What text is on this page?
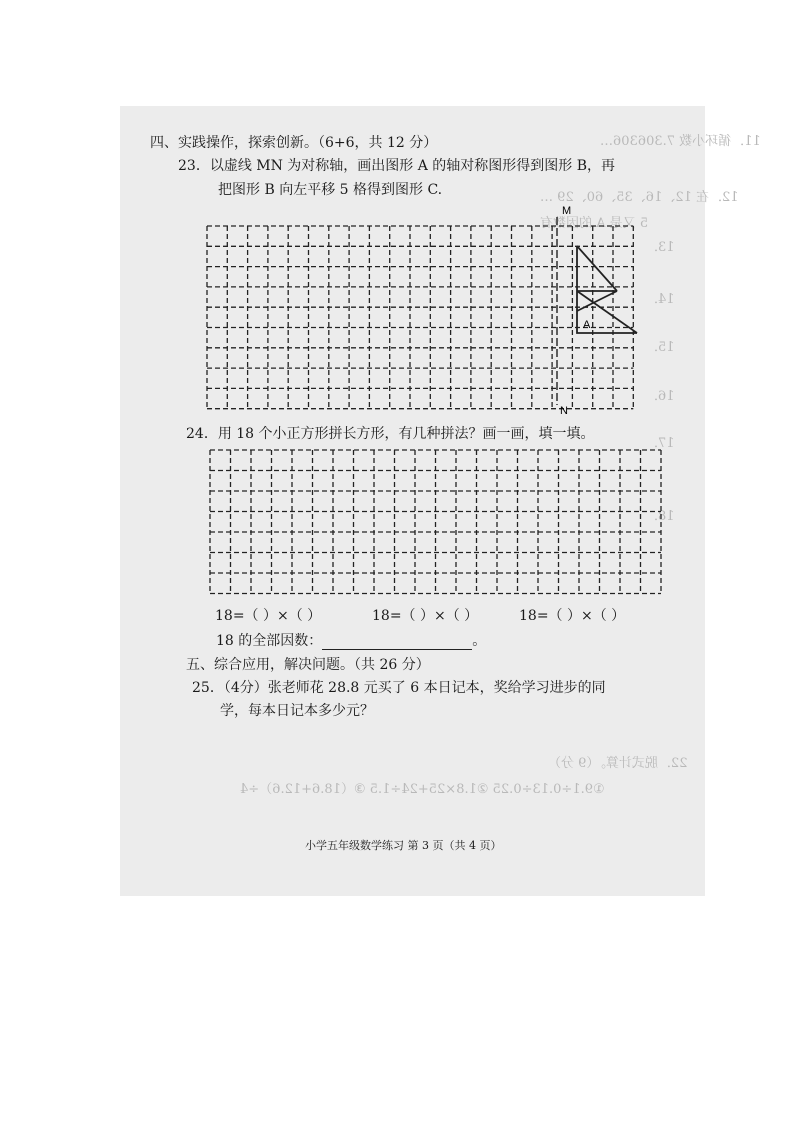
11．循环小数 7.306306…
12．在 12、16、35、60、29 …
5 又是 A 的因数有
13．
14．
15．
16．
17．
18．
22．脱式计算。（9 分）
①9.1÷0.13÷0.25 ②1.8×25+24÷1.5 ③（18.6+12.6）÷4
四、实践操作，探索创新。（6+6，共 12 分）
23．以虚线 MN 为对称轴，画出图形 A 的轴对称图形得到图形 B，再
把图形 B 向左平移 5 格得到图形 C.
M
N
A
24．用 18 个小正方形拼长方形，有几种拼法？画一画，填一填。
18=（ ）×（ ）	18=（ ）×（ ）	18=（ ）×（ ）
18 的全部因数：	。
五、综合应用，解决问题。（共 26 分）
25．（4分）张老师花 28.8 元买了 6 本日记本，奖给学习进步的同
学，每本日记本多少元？
小学五年级数学练习 第 3 页（共 4 页）
